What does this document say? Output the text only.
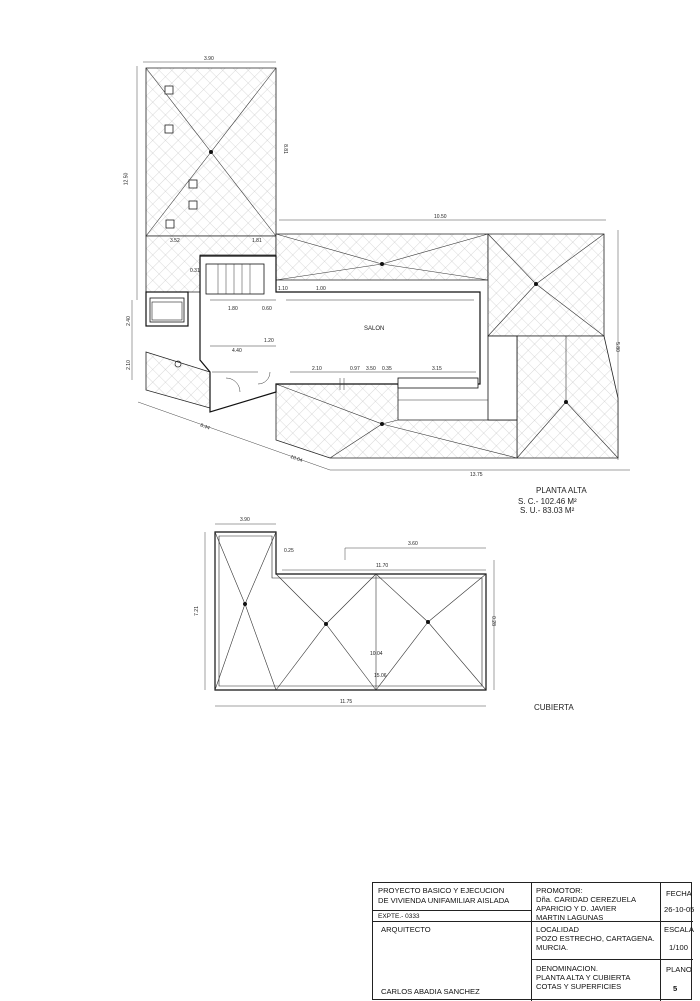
SALON
3.90
12.50
10.50
5.80
8.81
2.40
2.10
1.80	0.60
4.40
0.97
2.10
1.20
1.10	1.00
3.50 0.35	3.15
8.44
13.75
10.04
0.31
3.52	1.81
PLANTA ALTA
S. C.- 102.46 M²
S. U.- 83.03 M²
3.90
0.25
3.60
11.70
10.04
15.06
11.75
7.21
0.28
CUBIERTA
PROYECTO BASICO Y EJECUCION
DE VIVIENDA UNIFAMILIAR AISLADA
EXPTE.- 0333
PROMOTOR:
Dña. CARIDAD CEREZUELA
APARICIO Y D. JAVIER
MARTIN LAGUNAS
FECHA
26-10-05
ARQUITECTO
CARLOS ABADIA SANCHEZ
LOCALIDAD
POZO ESTRECHO, CARTAGENA.
MURCIA.
ESCALA
1/100
DENOMINACION.
PLANTA ALTA Y CUBIERTA
COTAS Y SUPERFICIES
PLANO
5
